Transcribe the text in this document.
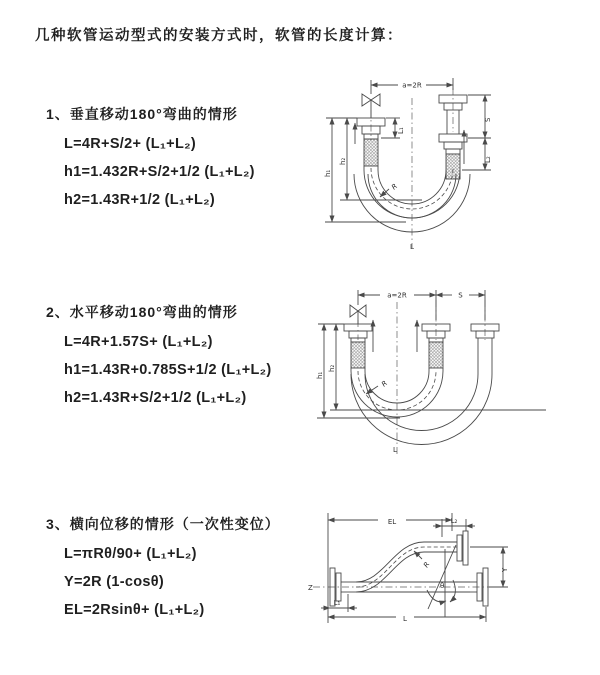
几种软管运动型式的安装方式时，软管的长度计算：
1、垂直移动180°弯曲的情形
L=4R+S/2+ (L₁+L₂)
h1=1.432R+S/2+1/2 (L₁+L₂)
h2=1.43R+1/2 (L₁+L₂)
a=2R
R
L
h₁
h₂
L₁
S
L₂
2、水平移动180°弯曲的情形
L=4R+1.57S+ (L₁+L₂)
h1=1.43R+0.785S+1/2 (L₁+L₂)
h2=1.43R+S/2+1/2 (L₁+L₂)
a=2R	S
R
L
h₁
h₂
3、横向位移的情形（一次性变位）
L=πRθ/90+ (L₁+L₂)
Y=2R (1-cosθ)
EL=2Rsinθ+ (L₁+L₂)
Z
EL	L₂
Y
θ
R
L
L₁
